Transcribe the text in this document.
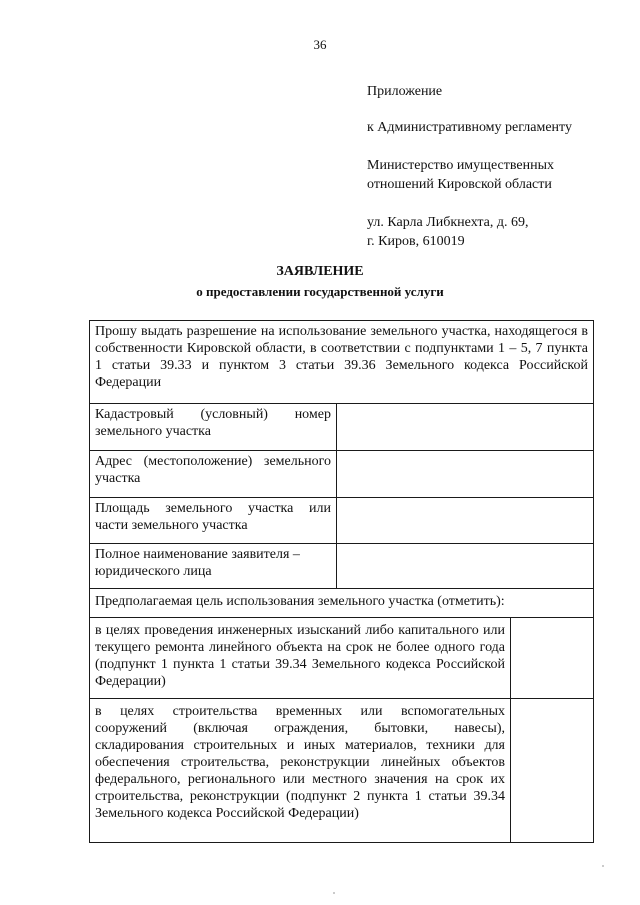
36
Приложение
к Административному регламенту
Министерство имущественных
отношений Кировской области
ул. Карла Либкнехта, д. 69,
г. Киров, 610019
ЗАЯВЛЕНИЕ
о предоставлении государственной услуги
Прошу выдать разрешение на использование земельного участка, находящегося в собственности Кировской области, в соответствии с подпунктами 1 – 5, 7 пункта 1 статьи 39.33 и пунктом 3 статьи 39.36 Земельного кодекса Российской Федерации
Кадастровый (условный) номер земельного участка
Адрес (местоположение) земельного участка
Площадь земельного участка или части земельного участка
Полное наименование заявителя – юридического лица
Предполагаемая цель использования земельного участка (отметить):
в целях проведения инженерных изысканий либо капитального или текущего ремонта линейного объекта на срок не более одного года (подпункт 1 пункта 1 статьи 39.34 Земельного кодекса Российской Федерации)
в целях строительства временных или вспомогательных сооружений (включая ограждения, бытовки, навесы), складирования строительных и иных материалов, техники для обеспечения строительства, реконструкции линейных объектов федерального, регионального или местного значения на срок их строительства, реконструкции (подпункт 2 пункта 1 статьи 39.34 Земельного кодекса Российской Федерации)
